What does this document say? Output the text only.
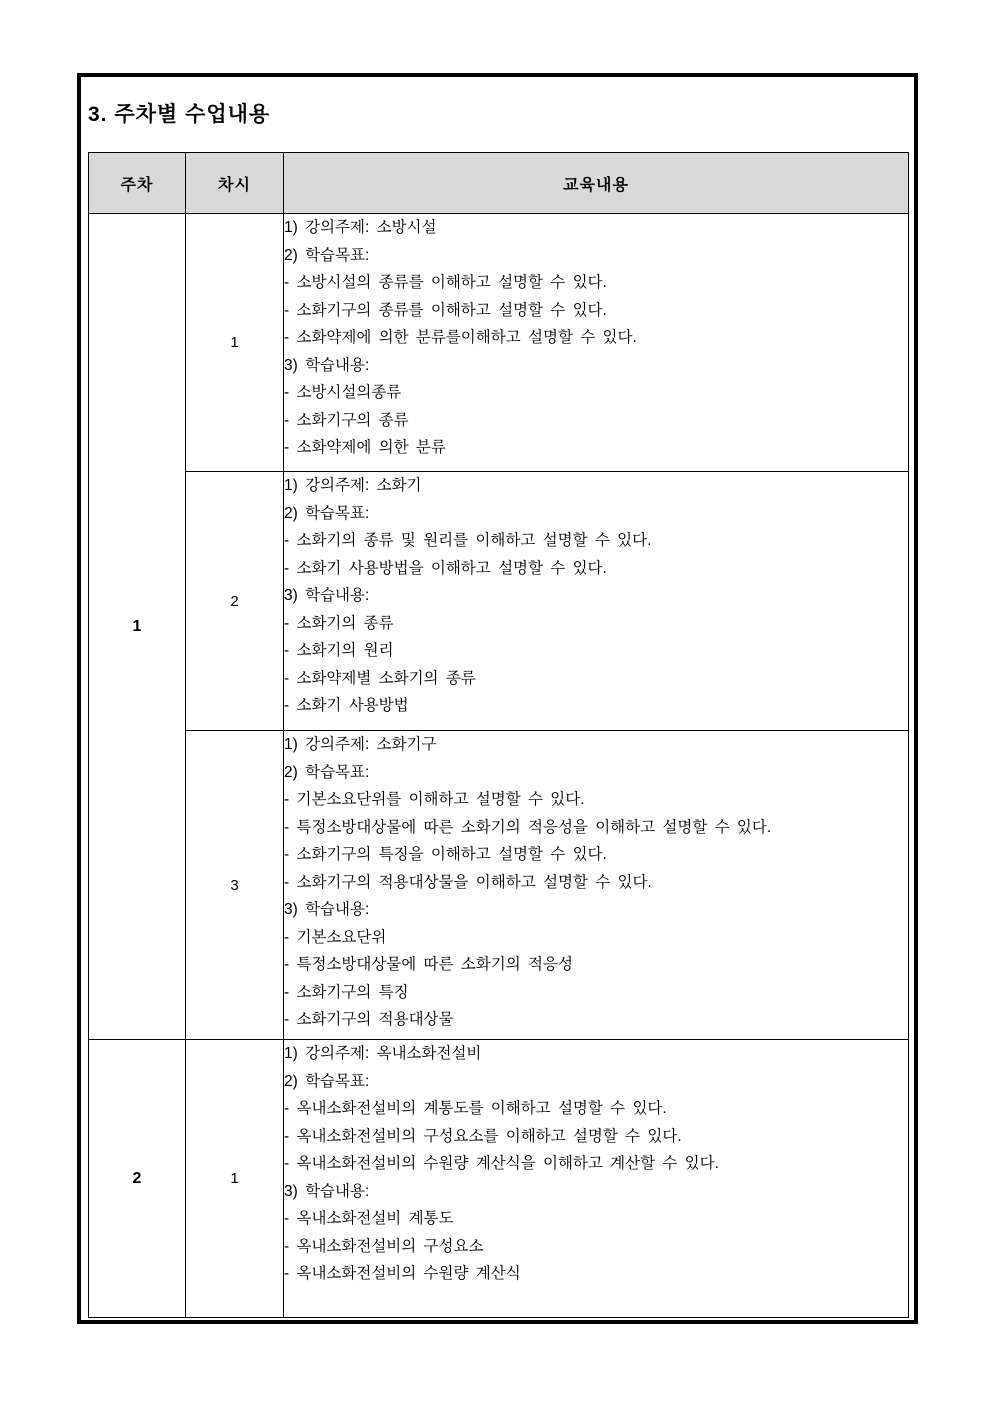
3. 주차별 수업내용
주차	차시	교육내용
1	1	
1) 강의주제: 소방시설
2) 학습목표:
- 소방시설의 종류를 이해하고 설명할 수 있다.
- 소화기구의 종류를 이해하고 설명할 수 있다.
- 소화약제에 의한 분류를이해하고 설명할 수 있다.
3) 학습내용:
- 소방시설의종류
- 소화기구의 종류
- 소화약제에 의한 분류

2	
1) 강의주제: 소화기
2) 학습목표:
- 소화기의 종류 및 원리를 이해하고 설명할 수 있다.
- 소화기 사용방법을 이해하고 설명할 수 있다.
3) 학습내용:
- 소화기의 종류
- 소화기의 원리
- 소화약제별 소화기의 종류
- 소화기 사용방법

3	
1) 강의주제: 소화기구
2) 학습목표:
- 기본소요단위를 이해하고 설명할 수 있다.
- 특정소방대상물에 따른 소화기의 적응성을 이해하고 설명할 수 있다.
- 소화기구의 특징을 이해하고 설명할 수 있다.
- 소화기구의 적용대상물을 이해하고 설명할 수 있다.
3) 학습내용:
- 기본소요단위
- 특정소방대상물에 따른 소화기의 적응성
- 소화기구의 특징
- 소화기구의 적용대상물

2	1	
1) 강의주제: 옥내소화전설비
2) 학습목표:
- 옥내소화전설비의 계통도를 이해하고 설명할 수 있다.
- 옥내소화전설비의 구성요소를 이해하고 설명할 수 있다.
- 옥내소화전설비의 수원량 계산식을 이해하고 계산할 수 있다.
3) 학습내용:
- 옥내소화전설비 계통도
- 옥내소화전설비의 구성요소
- 옥내소화전설비의 수원량 계산식
